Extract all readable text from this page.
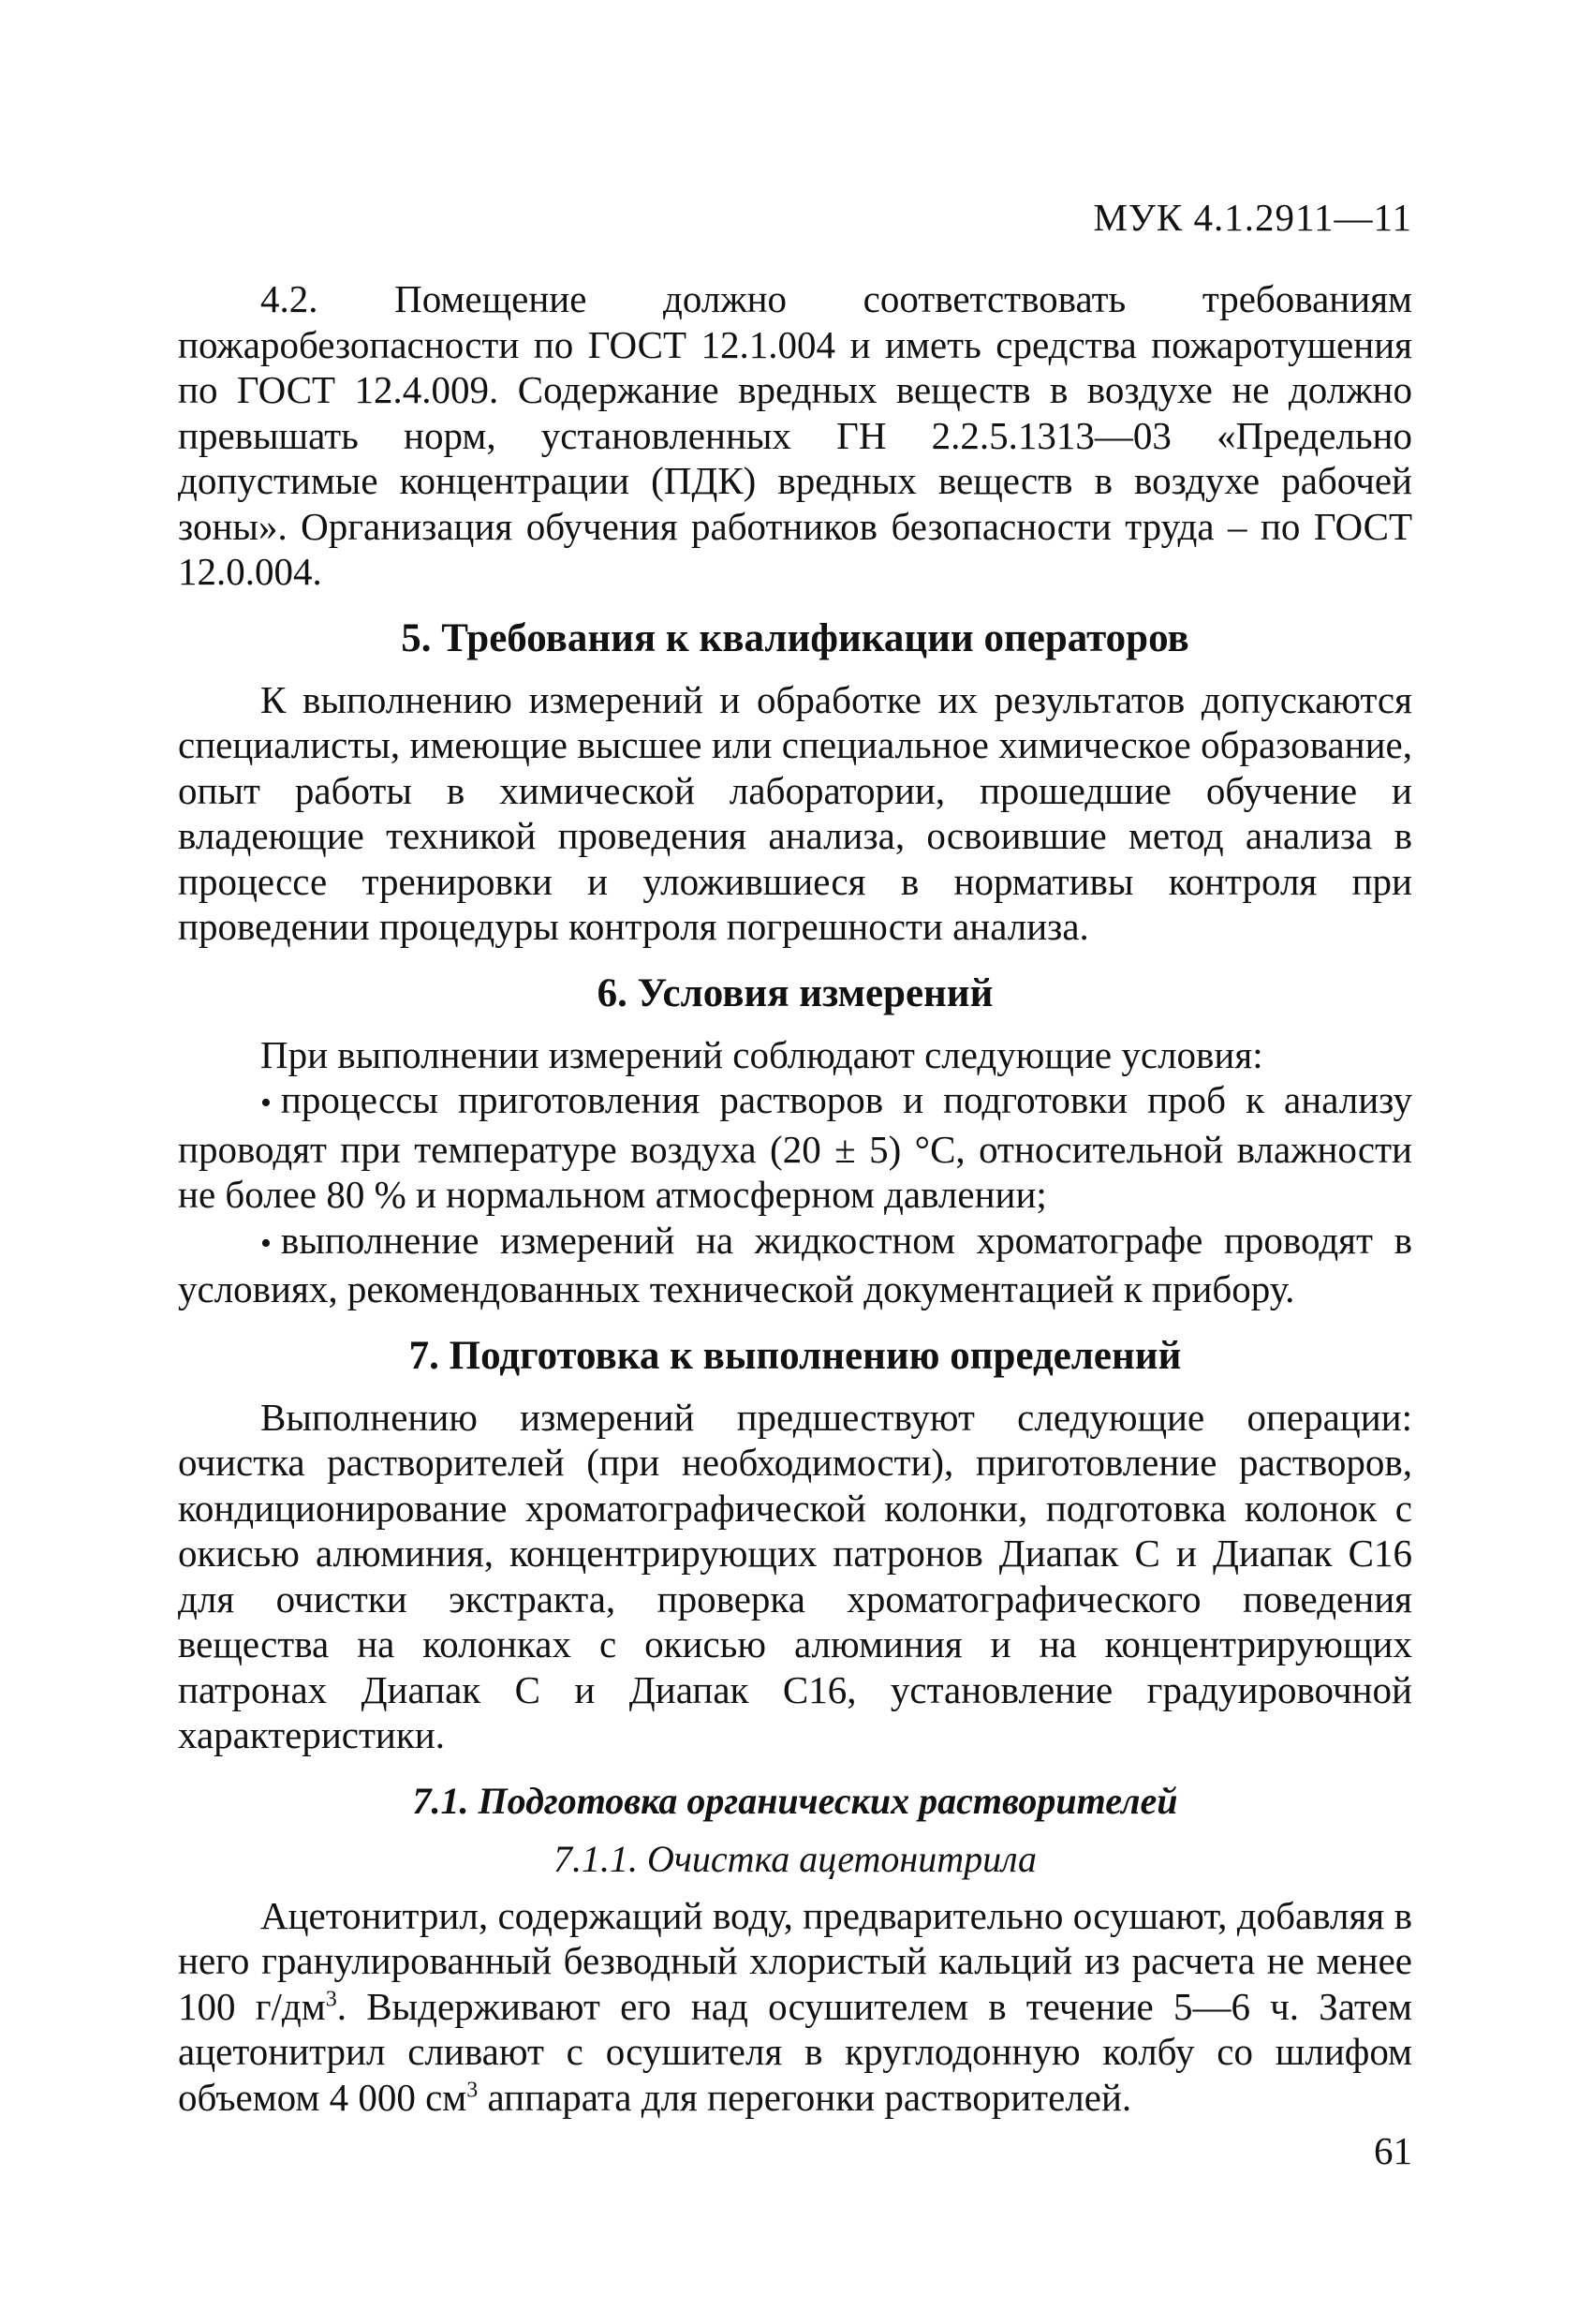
МУК 4.1.2911—11

4.2. Помещение должно соответствовать требованиям пожаробезопасности по ГОСТ 12.1.004 и иметь средства пожаротушения по ГОСТ 12.4.009. Содержание вредных веществ в воздухе не должно превышать норм, установленных ГН 2.2.5.1313—03 «Предельно допустимые концентрации (ПДК) вредных веществ в воздухе рабочей зоны». Организация обучения работников безопасности труда – по ГОСТ 12.0.004.

5. Требования к квалификации операторов

К выполнению измерений и обработке их результатов допускаются специалисты, имеющие высшее или специальное химическое образование, опыт работы в химической лаборатории, прошедшие обучение и владеющие техникой проведения анализа, освоившие метод анализа в процессе тренировки и уложившиеся в нормативы контроля при проведении процедуры контроля погрешности анализа.

6. Условия измерений

При выполнении измерений соблюдают следующие условия:

• процессы приготовления растворов и подготовки проб к анализу проводят при температуре воздуха (20 ± 5) °С, относительной влажности не более 80 % и нормальном атмосферном давлении;

• выполнение измерений на жидкостном хроматографе проводят в условиях, рекомендованных технической документацией к прибору.

7. Подготовка к выполнению определений

Выполнению измерений предшествуют следующие операции: очистка растворителей (при необходимости), приготовление растворов, кондиционирование хроматографической колонки, подготовка колонок с окисью алюминия, концентрирующих патронов Диапак С и Диапак С16 для очистки экстракта, проверка хроматографического поведения вещества на колонках с окисью алюминия и на концентрирующих патронах Диапак С и Диапак С16, установление градуировочной характеристики.

7.1. Подготовка органических растворителей
7.1.1. Очистка ацетонитрила

Ацетонитрил, содержащий воду, предварительно осушают, добавляя в него гранулированный безводный хлористый кальций из расчета не менее 100 $г/дм^3$. Выдерживают его над осушителем в течение 5—6 ч. Затем ацетонитрил сливают с осушителя в круглодонную колбу со шлифом объемом 4 000 $см^3$ аппарата для перегонки растворителей.

61
